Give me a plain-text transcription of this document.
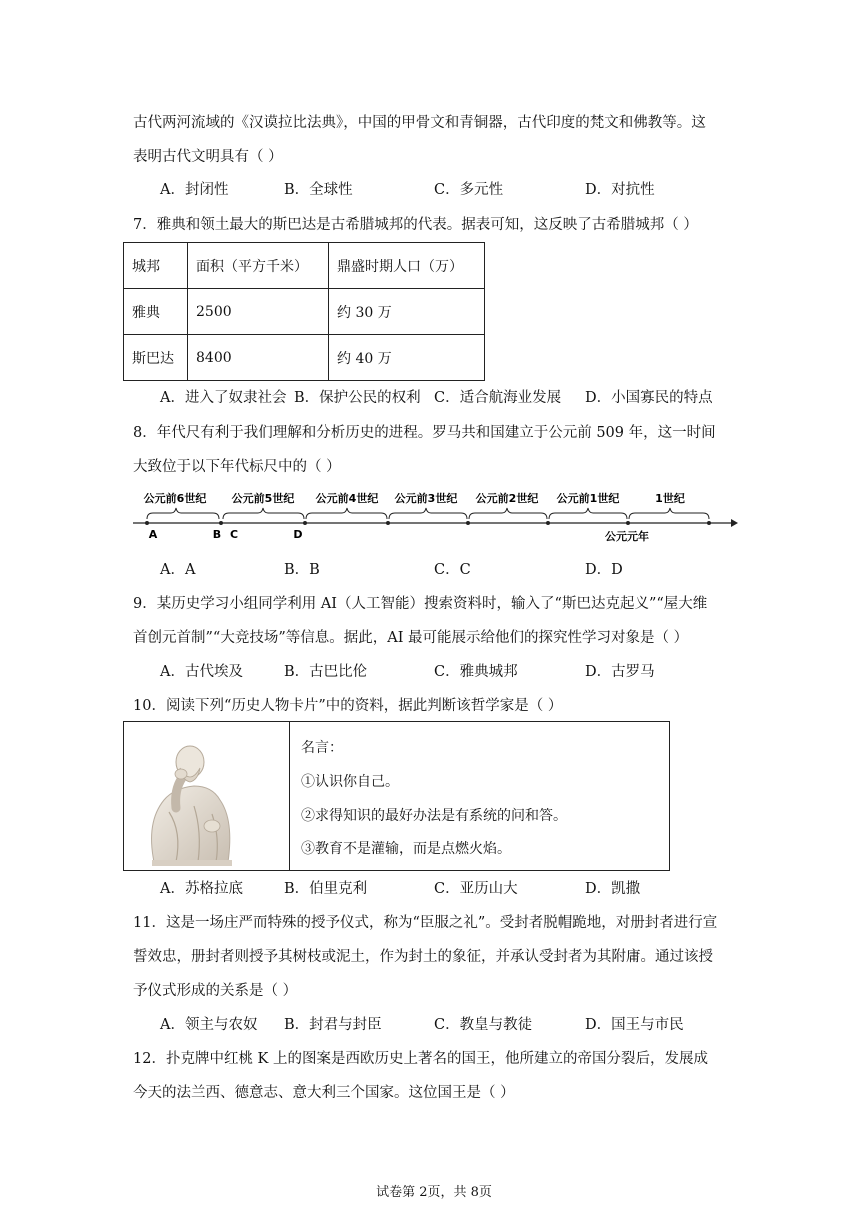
古代两河流域的《汉谟拉比法典》，中国的甲骨文和青铜器，古代印度的梵文和佛教等。这
表明古代文明具有（ ）
A．封闭性	B．全球性	C．多元性	D．对抗性
7．雅典和领土最大的斯巴达是古希腊城邦的代表。据表可知，这反映了古希腊城邦（ ）
城邦	面积（平方千米）	鼎盛时期人口（万）
雅典	2500	约 30 万
斯巴达	8400	约 40 万
A．进入了奴隶社会 B．保护公民的权利 C．适合航海业发展 D．小国寡民的特点
8．年代尺有利于我们理解和分析历史的进程。罗马共和国建立于公元前 509 年，这一时间
大致位于以下年代标尺中的（ ）
公元前6世纪 公元前5世纪 公元前4世纪 公元前3世纪 公元前2世纪 公元前1世纪	1世纪
A	B C	D	公元元年
A．A	B．B	C．C	D．D
9．某历史学习小组同学利用 AI（人工智能）搜索资料时，输入了“斯巴达克起义”“屋大维
首创元首制”“大竞技场”等信息。据此，AI 最可能展示给他们的探究性学习对象是（ ）
A．古代埃及	B．古巴比伦	C．雅典城邦	D．古罗马
10．阅读下列“历史人物卡片”中的资料，据此判断该哲学家是（ ）
名言：
①认识你自己。
②求得知识的最好办法是有系统的问和答。
③教育不是灌输，而是点燃火焰。
A．苏格拉底	B．伯里克利	C．亚历山大	D．凯撒
11．这是一场庄严而特殊的授予仪式，称为“臣服之礼”。受封者脱帽跪地，对册封者进行宣
誓效忠，册封者则授予其树枝或泥土，作为封土的象征，并承认受封者为其附庸。通过该授
予仪式形成的关系是（ ）
A．领主与农奴 B．封君与封臣	C．教皇与教徒	D．国王与市民
12．扑克牌中红桃 K 上的图案是西欧历史上著名的国王，他所建立的帝国分裂后，发展成
今天的法兰西、德意志、意大利三个国家。这位国王是（ ）
试卷第 2页，共 8页
